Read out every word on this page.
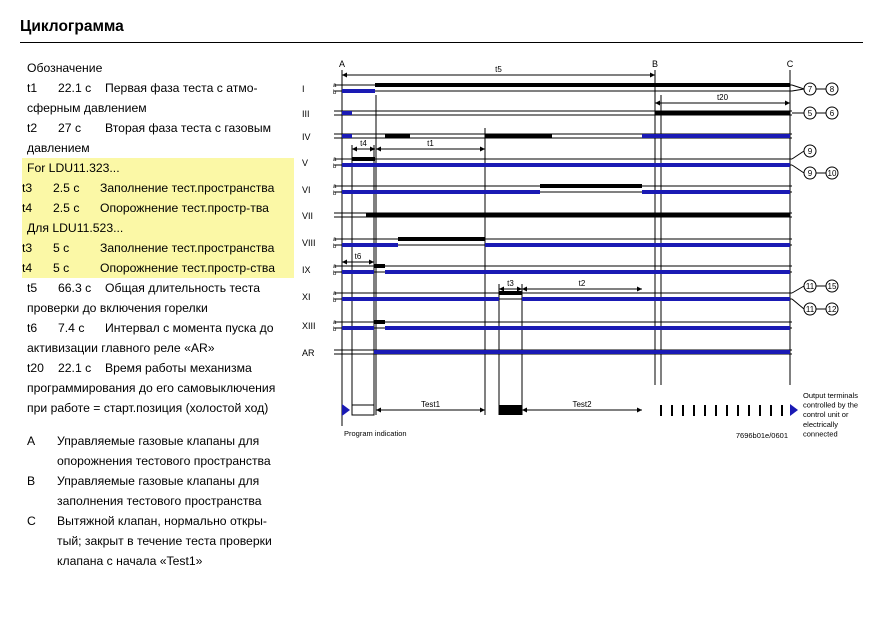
Циклограмма
Обозначение
t1 22.1 с Первая фаза теста с атмо-
сферным давлением
t2 27 с Вторая фаза теста с газовым
давлением
For LDU11.323...
t3 2.5 с Заполнение тест.пространства
t4 2.5 с Опорожнение тест.простр-тва
Для LDU11.523...
t3 5 с	Заполнение тест.пространства
t4 5 с	Опорожнение тест.простр-ства
t5 66.3 с Общая длительность теста
проверки до включения горелки
t6 7.4 с Интервал с момента пуска до
активизации главного реле «AR»
t20 22.1 с Время работы механизма
программирования до его самовыключения
при работе = старт.позиция (холостой ход)
A Управляемые газовые клапаны для
опорожнения тестового пространства
B Управляемые газовые клапаны для
заполнения тестового пространства
C Вытяжной клапан, нормально откры-
тый; закрыт в течение теста проверки
клапана с начала «Test1»
A	B	C
I	a
b
III
IV
V	a
b
VI	a
b
VII
VIII	a
b
IX	a
b
XI	a
b
XIII	a
b
AR
t5
t20
t4	t1
t6
t3	t2
7 8
5 6
9
9 10
11 15
11 12
Test1	Test2
Program indication	7696b01e/0601
Output terminals
controlled by the
control unit or
electrically
connected
